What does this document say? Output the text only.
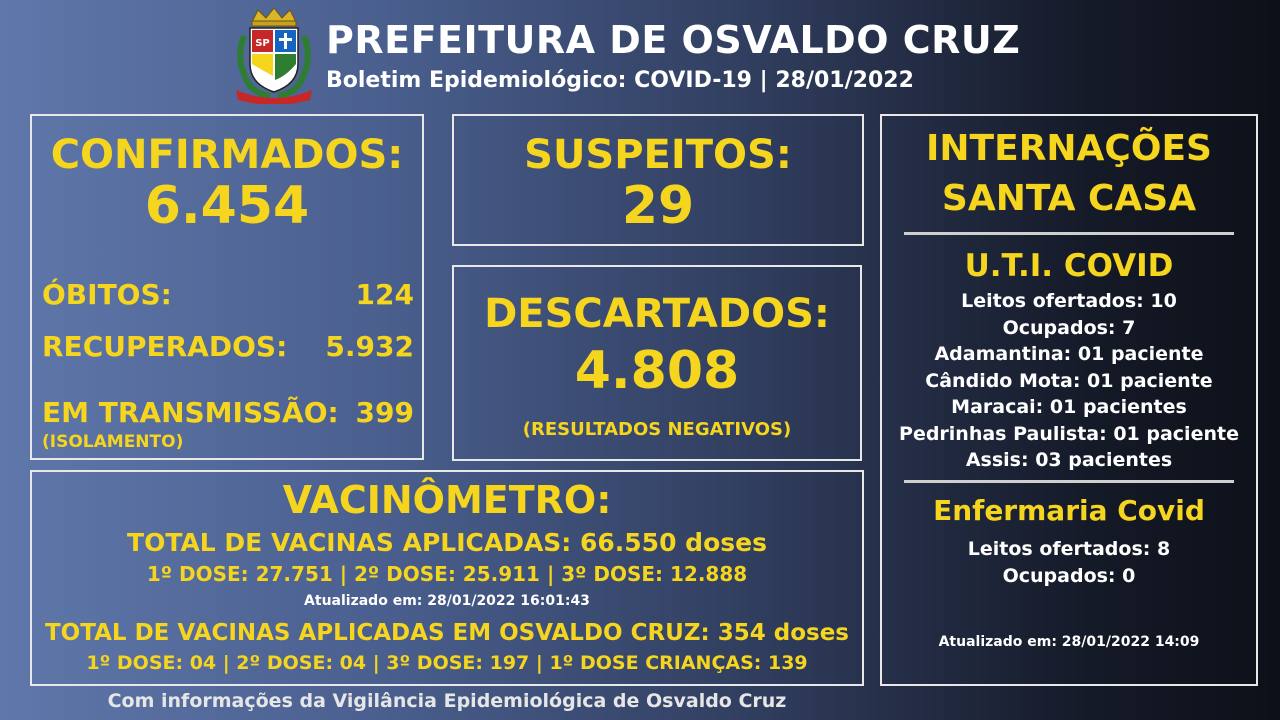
SP PREFEITURA DE OSVALDO CRUZ
Boletim Epidemiológico: COVID-19 | 28/01/2022
CONFIRMADOS:
6.454
ÓBITOS:	124
RECUPERADOS: 5.932
EM TRANSMISSÃO: 399
(ISOLAMENTO)
SUSPEITOS:
29
DESCARTADOS:
4.808
(RESULTADOS NEGATIVOS)
VACINÔMETRO:
TOTAL DE VACINAS APLICADAS: 66.550 doses
1º DOSE: 27.751 | 2º DOSE: 25.911 | 3º DOSE: 12.888
Atualizado em: 28/01/2022 16:01:43
TOTAL DE VACINAS APLICADAS EM OSVALDO CRUZ: 354 doses
1º DOSE: 04 | 2º DOSE: 04 | 3º DOSE: 197 | 1º DOSE CRIANÇAS: 139
INTERNAÇÕES
SANTA CASA
U.T.I. COVID
Leitos ofertados: 10
Ocupados: 7
Adamantina: 01 paciente
Cândido Mota: 01 paciente
Maracai: 01 pacientes
Pedrinhas Paulista: 01 paciente
Assis: 03 pacientes
Enfermaria Covid
Leitos ofertados: 8
Ocupados: 0
Atualizado em: 28/01/2022 14:09
Com informações da Vigilância Epidemiológica de Osvaldo Cruz
